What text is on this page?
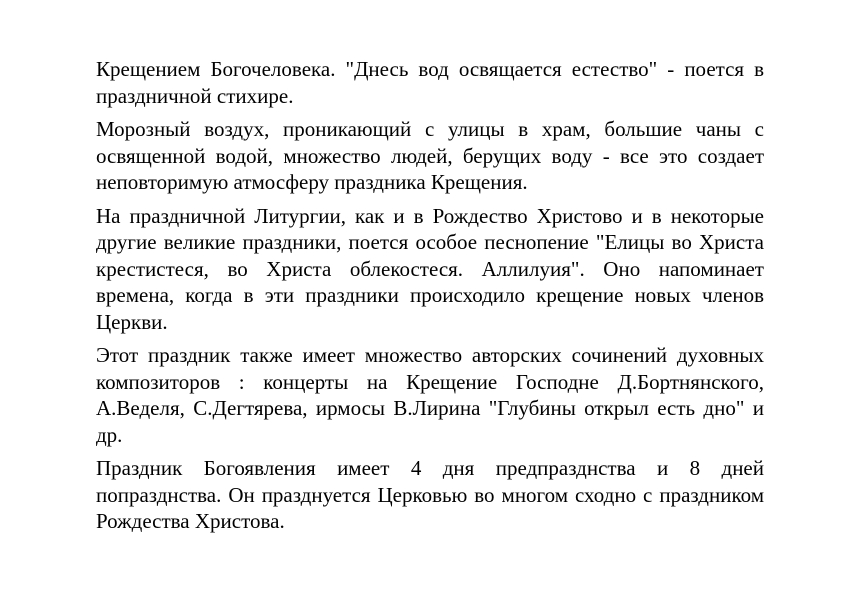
Крещением Богочеловека. "Днесь вод освящается естество" - поется в праздничной стихире.

Морозный воздух, проникающий с улицы в храм, большие чаны с освященной водой, множество людей, берущих воду - все это создает неповторимую атмосферу праздника Крещения.

На праздничной Литургии, как и в Рождество Христово и в некоторые другие великие праздники, поется особое песнопение "Елицы во Христа крестистеся, во Христа облекостеся. Аллилуия". Оно напоминает времена, когда в эти праздники происходило крещение новых членов Церкви.

Этот праздник также имеет множество авторских сочинений духовных композиторов : концерты на Крещение Господне Д.Бортнянского, А.Веделя, С.Дегтярева, ирмосы В.Лирина "Глубины открыл есть дно" и др.

Праздник Богоявления имеет 4 дня предпразднства и 8 дней попразднства. Он празднуется Церковью во многом сходно с праздником Рождества Христова.
